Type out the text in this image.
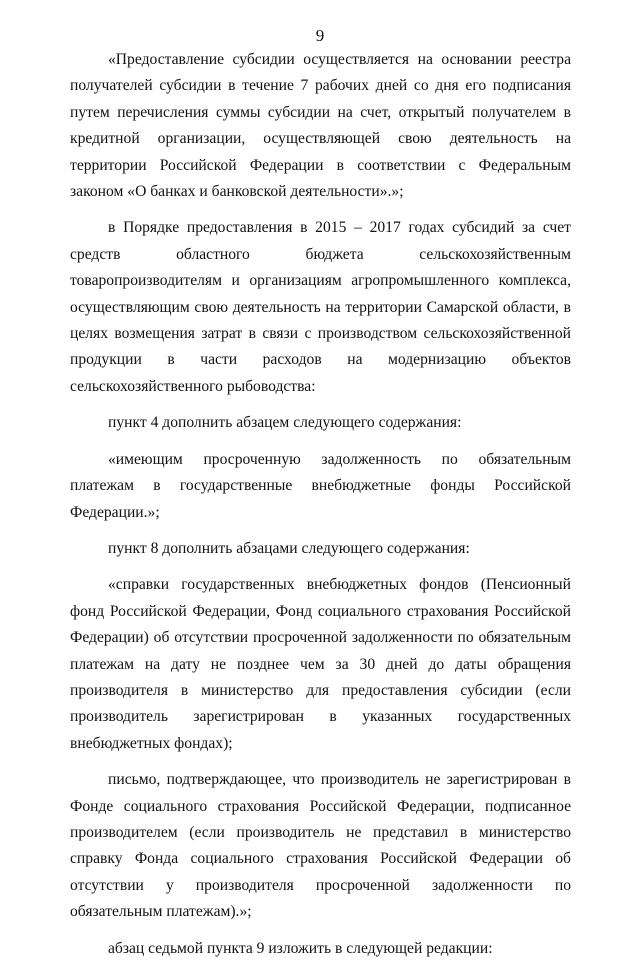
9

«Предоставление субсидии осуществляется на основании реестра получателей субсидии в течение 7 рабочих дней со дня его подписания путем перечисления суммы субсидии на счет, открытый получателем в кредитной организации, осуществляющей свою деятельность на территории Российской Федерации в соответствии с Федеральным законом «О банках и банковской деятельности».»;

в Порядке предоставления в 2015 – 2017 годах субсидий за счет средств областного бюджета сельскохозяйственным товаропроизводителям и организациям агропромышленного комплекса, осуществляющим свою деятельность на территории Самарской области, в целях возмещения затрат в связи с производством сельскохозяйственной продукции в части расходов на модернизацию объектов сельскохозяйственного рыбоводства:

пункт 4 дополнить абзацем следующего содержания:

«имеющим просроченную задолженность по обязательным платежам в государственные внебюджетные фонды Российской Федерации.»;

пункт 8 дополнить абзацами следующего содержания:

«справки государственных внебюджетных фондов (Пенсионный фонд Российской Федерации, Фонд социального страхования Российской Федерации) об отсутствии просроченной задолженности по обязательным платежам на дату не позднее чем за 30 дней до даты обращения производителя в министерство для предоставления субсидии (если производитель зарегистрирован в указанных государственных внебюджетных фондах);

письмо, подтверждающее, что производитель не зарегистрирован в Фонде социального страхования Российской Федерации, подписанное производителем (если производитель не представил в министерство справку Фонда социального страхования Российской Федерации об отсутствии у производителя просроченной задолженности по обязательным платежам).»;

абзац седьмой пункта 9 изложить в следующей редакции:
